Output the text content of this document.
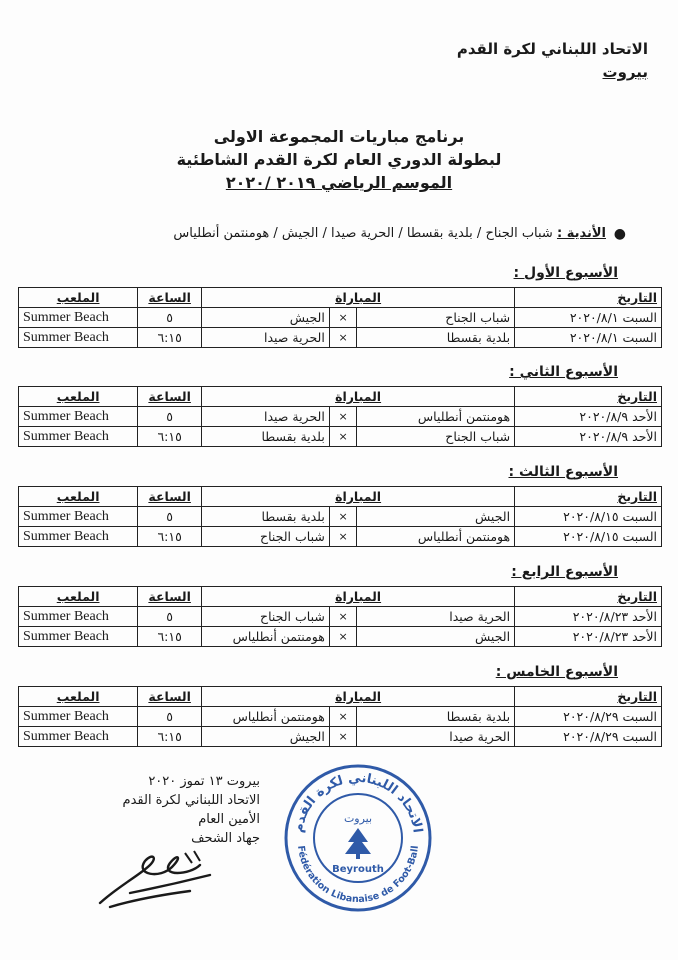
الاتحاد اللبناني لكرة القدم
بيروت
برنامج مباريات المجموعة الاولى
لبطولة الدوري العام لكرة القدم الشاطئية
الموسم الرياضي ٢٠١٩ /٢٠٢٠
●
الأندية : شباب الجناح / بلدية بقسطا / الحرية صيدا / الجيش / هومنتمن أنطلياس
الأسبوع الأول :
الملعب	الساعة	المباراة			التاريخ
Summer Beach	٥	الجيش	×	شباب الجناح	السبت ٢٠٢٠/٨/١
Summer Beach	٦:١٥	الحرية صيدا	×	بلدية بقسطا	السبت ٢٠٢٠/٨/١
الأسبوع الثاني :
الملعب	الساعة	المباراة			التاريخ
Summer Beach	٥	الحرية صيدا	×	هومنتمن أنطلياس	الأحد ٢٠٢٠/٨/٩
Summer Beach	٦:١٥	بلدية بقسطا	×	شباب الجناح	الأحد ٢٠٢٠/٨/٩
الأسبوع الثالث :
الملعب	الساعة	المباراة			التاريخ
Summer Beach	٥	بلدية بقسطا	×	الجيش	السبت ٢٠٢٠/٨/١٥
Summer Beach	٦:١٥	شباب الجناح	×	هومنتمن أنطلياس	السبت ٢٠٢٠/٨/١٥
الأسبوع الرابع :
الملعب	الساعة	المباراة			التاريخ
Summer Beach	٥	شباب الجناح	×	الحرية صيدا	الأحد ٢٠٢٠/٨/٢٣
Summer Beach	٦:١٥	هومنتمن أنطلياس	×	الجيش	الأحد ٢٠٢٠/٨/٢٣
الأسبوع الخامس :
الملعب	الساعة	المباراة			التاريخ
Summer Beach	٥	هومنتمن أنطلياس	×	بلدية بقسطا	السبت ٢٠٢٠/٨/٢٩
Summer Beach	٦:١٥	الجيش	×	الحرية صيدا	السبت ٢٠٢٠/٨/٢٩
بيروت ١٣ تموز ٢٠٢٠
الاتحاد اللبناني لكرة القدم
الأمين العام
جهاد الشحف
الاتحاد اللبناني لكرة القدم
Fédération Libanaise de Foot-Ball
بيروت
Beyrouth
